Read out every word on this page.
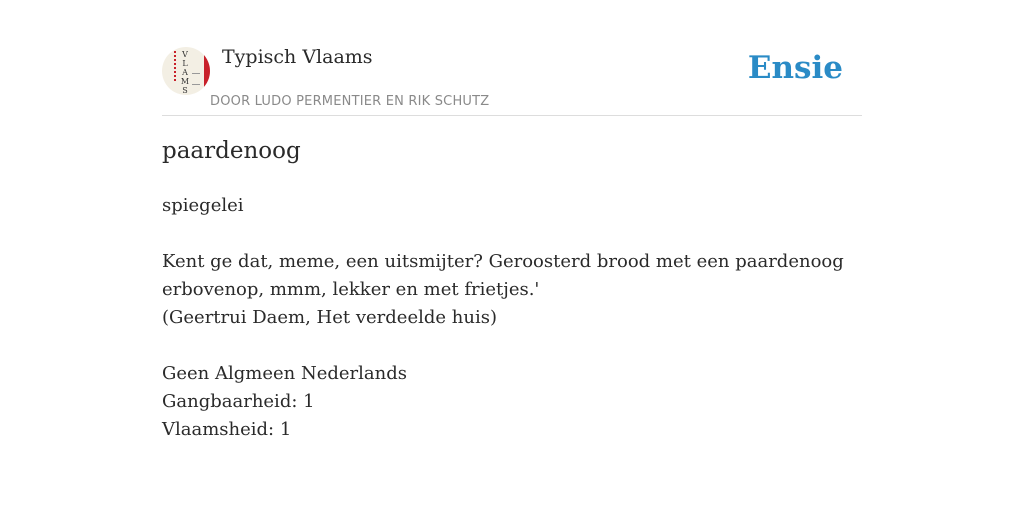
V
L
A
M
S
Typisch Vlaams
DOOR LUDO PERMENTIER EN RIK SCHUTZ
Ensie
paardenoog

spiegelei

Kent ge dat, meme, een uitsmijter? Geroosterd brood met een paardenoog

erbovenop, mmm, lekker en met frietjes.'

(Geertrui Daem, Het verdeelde huis)

Geen Algmeen Nederlands

Gangbaarheid: 1

Vlaamsheid: 1
